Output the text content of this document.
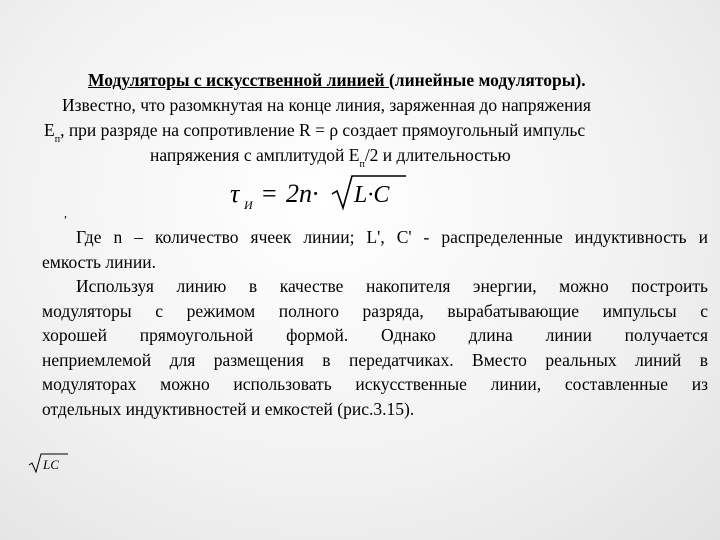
Модуляторы с искусственной линией (линейные модуляторы).
Известно, что разомкнутая на конце линия, заряженная до напряжения
$E_п$, при разряде на сопротивление R = ρ создает прямоугольный импульс
напряжения с амплитудой $E_п/2$ и длительностью
τ И = 2n· L·C
,
Где n – количество ячеек линии; L', C' - распределенные индуктивность и
емкость линии.
Используя линию в качестве накопителя энергии, можно построить
модуляторы с режимом полного разряда, вырабатывающие импульсы с
хорошей прямоугольной формой. Однако длина линии получается
неприемлемой для размещения в передатчиках. Вместо реальных линий в
модуляторах можно использовать искусственные линии, составленные из
отдельных индуктивностей и емкостей (рис.3.15).
LC
